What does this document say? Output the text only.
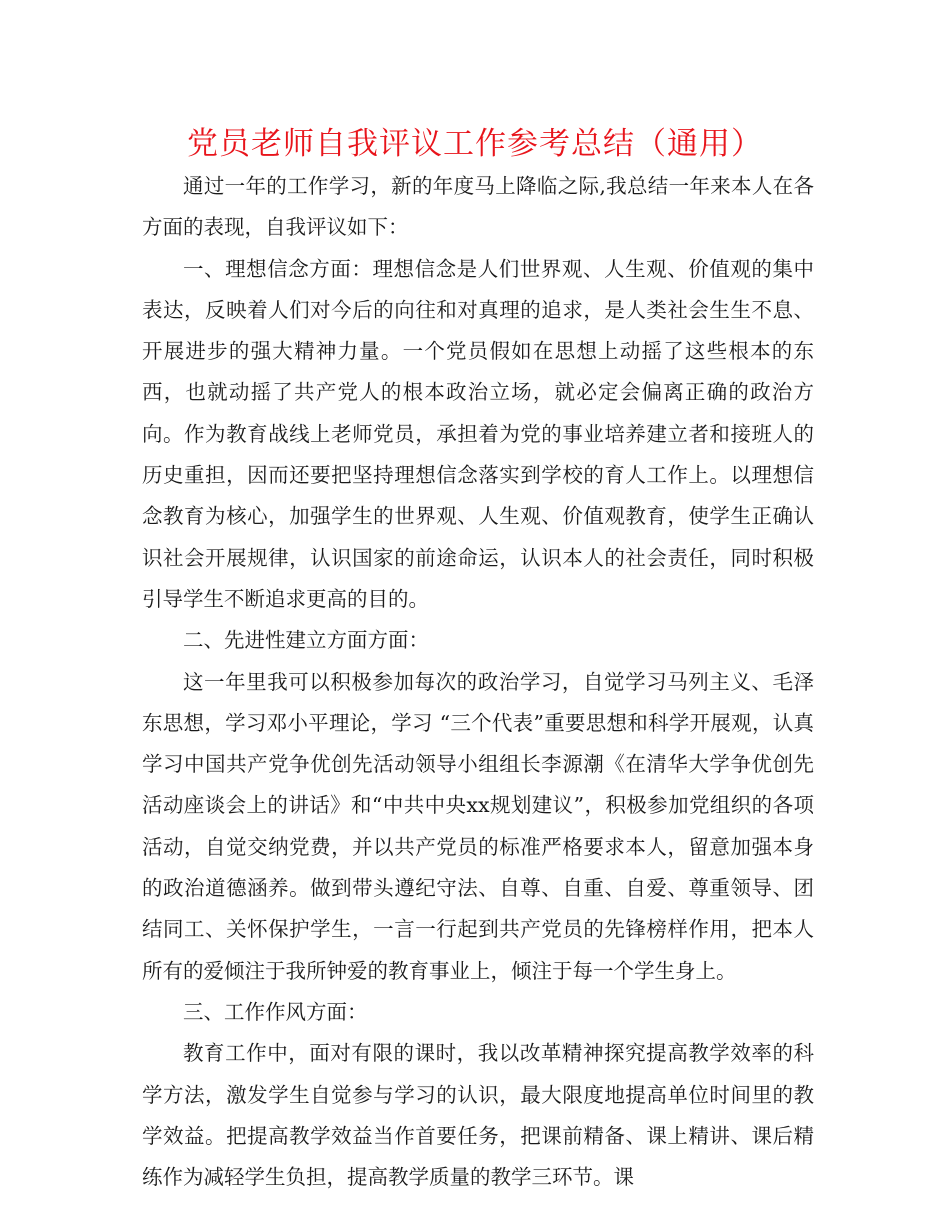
党员老师自我评议工作参考总结（通用）

通过一年的工作学习，新的年度马上降临之际,我总结一年来本人在各方面的表现，自我评议如下：

一、理想信念方面：理想信念是人们世界观、人生观、价值观的集中表达，反映着人们对今后的向往和对真理的追求，是人类社会生生不息、开展进步的强大精神力量。一个党员假如在思想上动摇了这些根本的东西，也就动摇了共产党人的根本政治立场，就必定会偏离正确的政治方向。作为教育战线上老师党员，承担着为党的事业培养建立者和接班人的历史重担，因而还要把坚持理想信念落实到学校的育人工作上。以理想信念教育为核心，加强学生的世界观、人生观、价值观教育，使学生正确认识社会开展规律，认识国家的前途命运，认识本人的社会责任，同时积极引导学生不断追求更高的目的。

二、先进性建立方面方面：

这一年里我可以积极参加每次的政治学习，自觉学习马列主义、毛泽东思想，学习邓小平理论，学习 “三个代表”重要思想和科学开展观，认真学习中国共产党争优创先活动领导小组组长李源潮《在清华大学争优创先活动座谈会上的讲话》和“中共中央xx规划建议”，积极参加党组织的各项活动，自觉交纳党费，并以共产党员的标准严格要求本人，留意加强本身的政治道德涵养。做到带头遵纪守法、自尊、自重、自爱、尊重领导、团结同工、关怀保护学生，一言一行起到共产党员的先锋榜样作用，把本人所有的爱倾注于我所钟爱的教育事业上，倾注于每一个学生身上。

三、工作作风方面：

教育工作中，面对有限的课时，我以改革精神探究提高教学效率的科学方法，激发学生自觉参与学习的认识，最大限度地提高单位时间里的教学效益。把提高教学效益当作首要任务，把课前精备、课上精讲、课后精练作为减轻学生负担，提高教学质量的教学三环节。课
